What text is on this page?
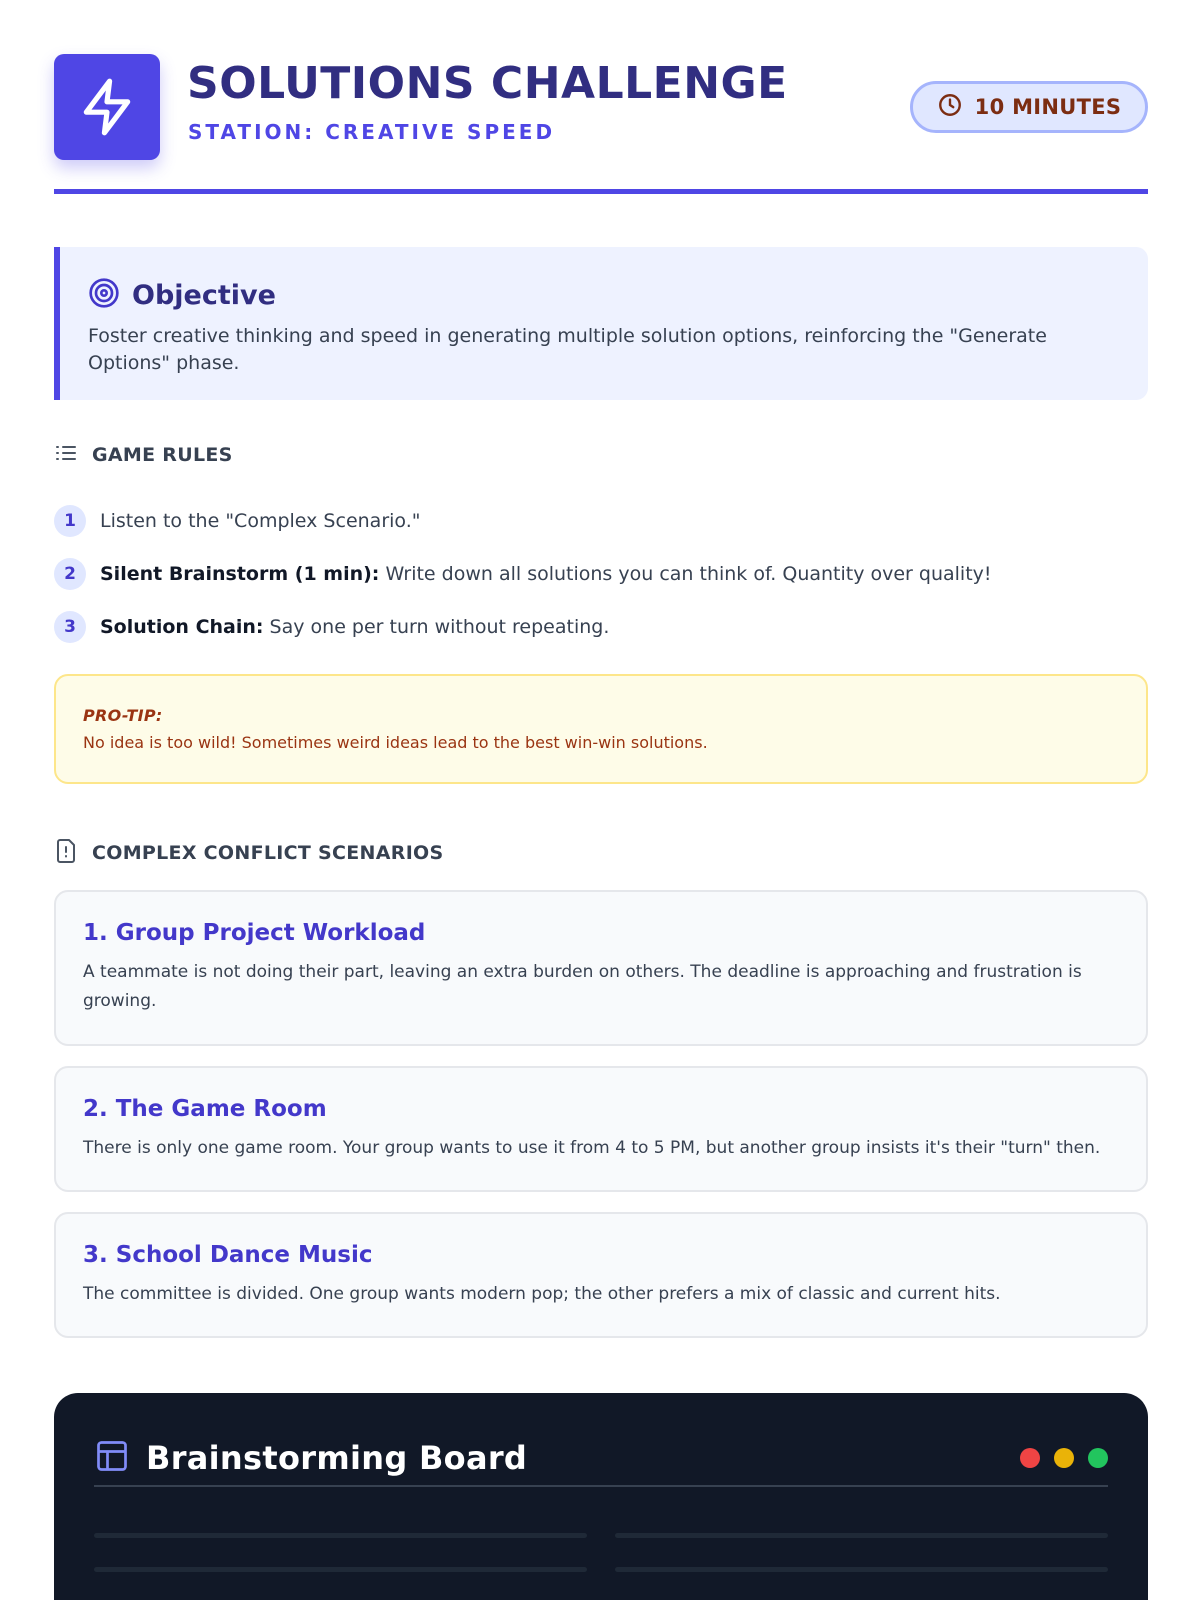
SOLUTIONS CHALLENGE
STATION: CREATIVE SPEED
10 MINUTES
Objective
Foster creative thinking and speed in generating multiple solution options, reinforcing the "Generate Options" phase.
GAME RULES
1	Listen to the "Complex Scenario."
2	Silent Brainstorm (1 min): Write down all solutions you can think of. Quantity over quality!
3	Solution Chain: Say one per turn without repeating.
PRO-TIP:
No idea is too wild! Sometimes weird ideas lead to the best win-win solutions.
COMPLEX CONFLICT SCENARIOS
1. Group Project Workload
A teammate is not doing their part, leaving an extra burden on others. The deadline is approaching and frustration is growing.
2. The Game Room
There is only one game room. Your group wants to use it from 4 to 5 PM, but another group insists it's their "turn" then.
3. School Dance Music
The committee is divided. One group wants modern pop; the other prefers a mix of classic and current hits.
Brainstorming Board
